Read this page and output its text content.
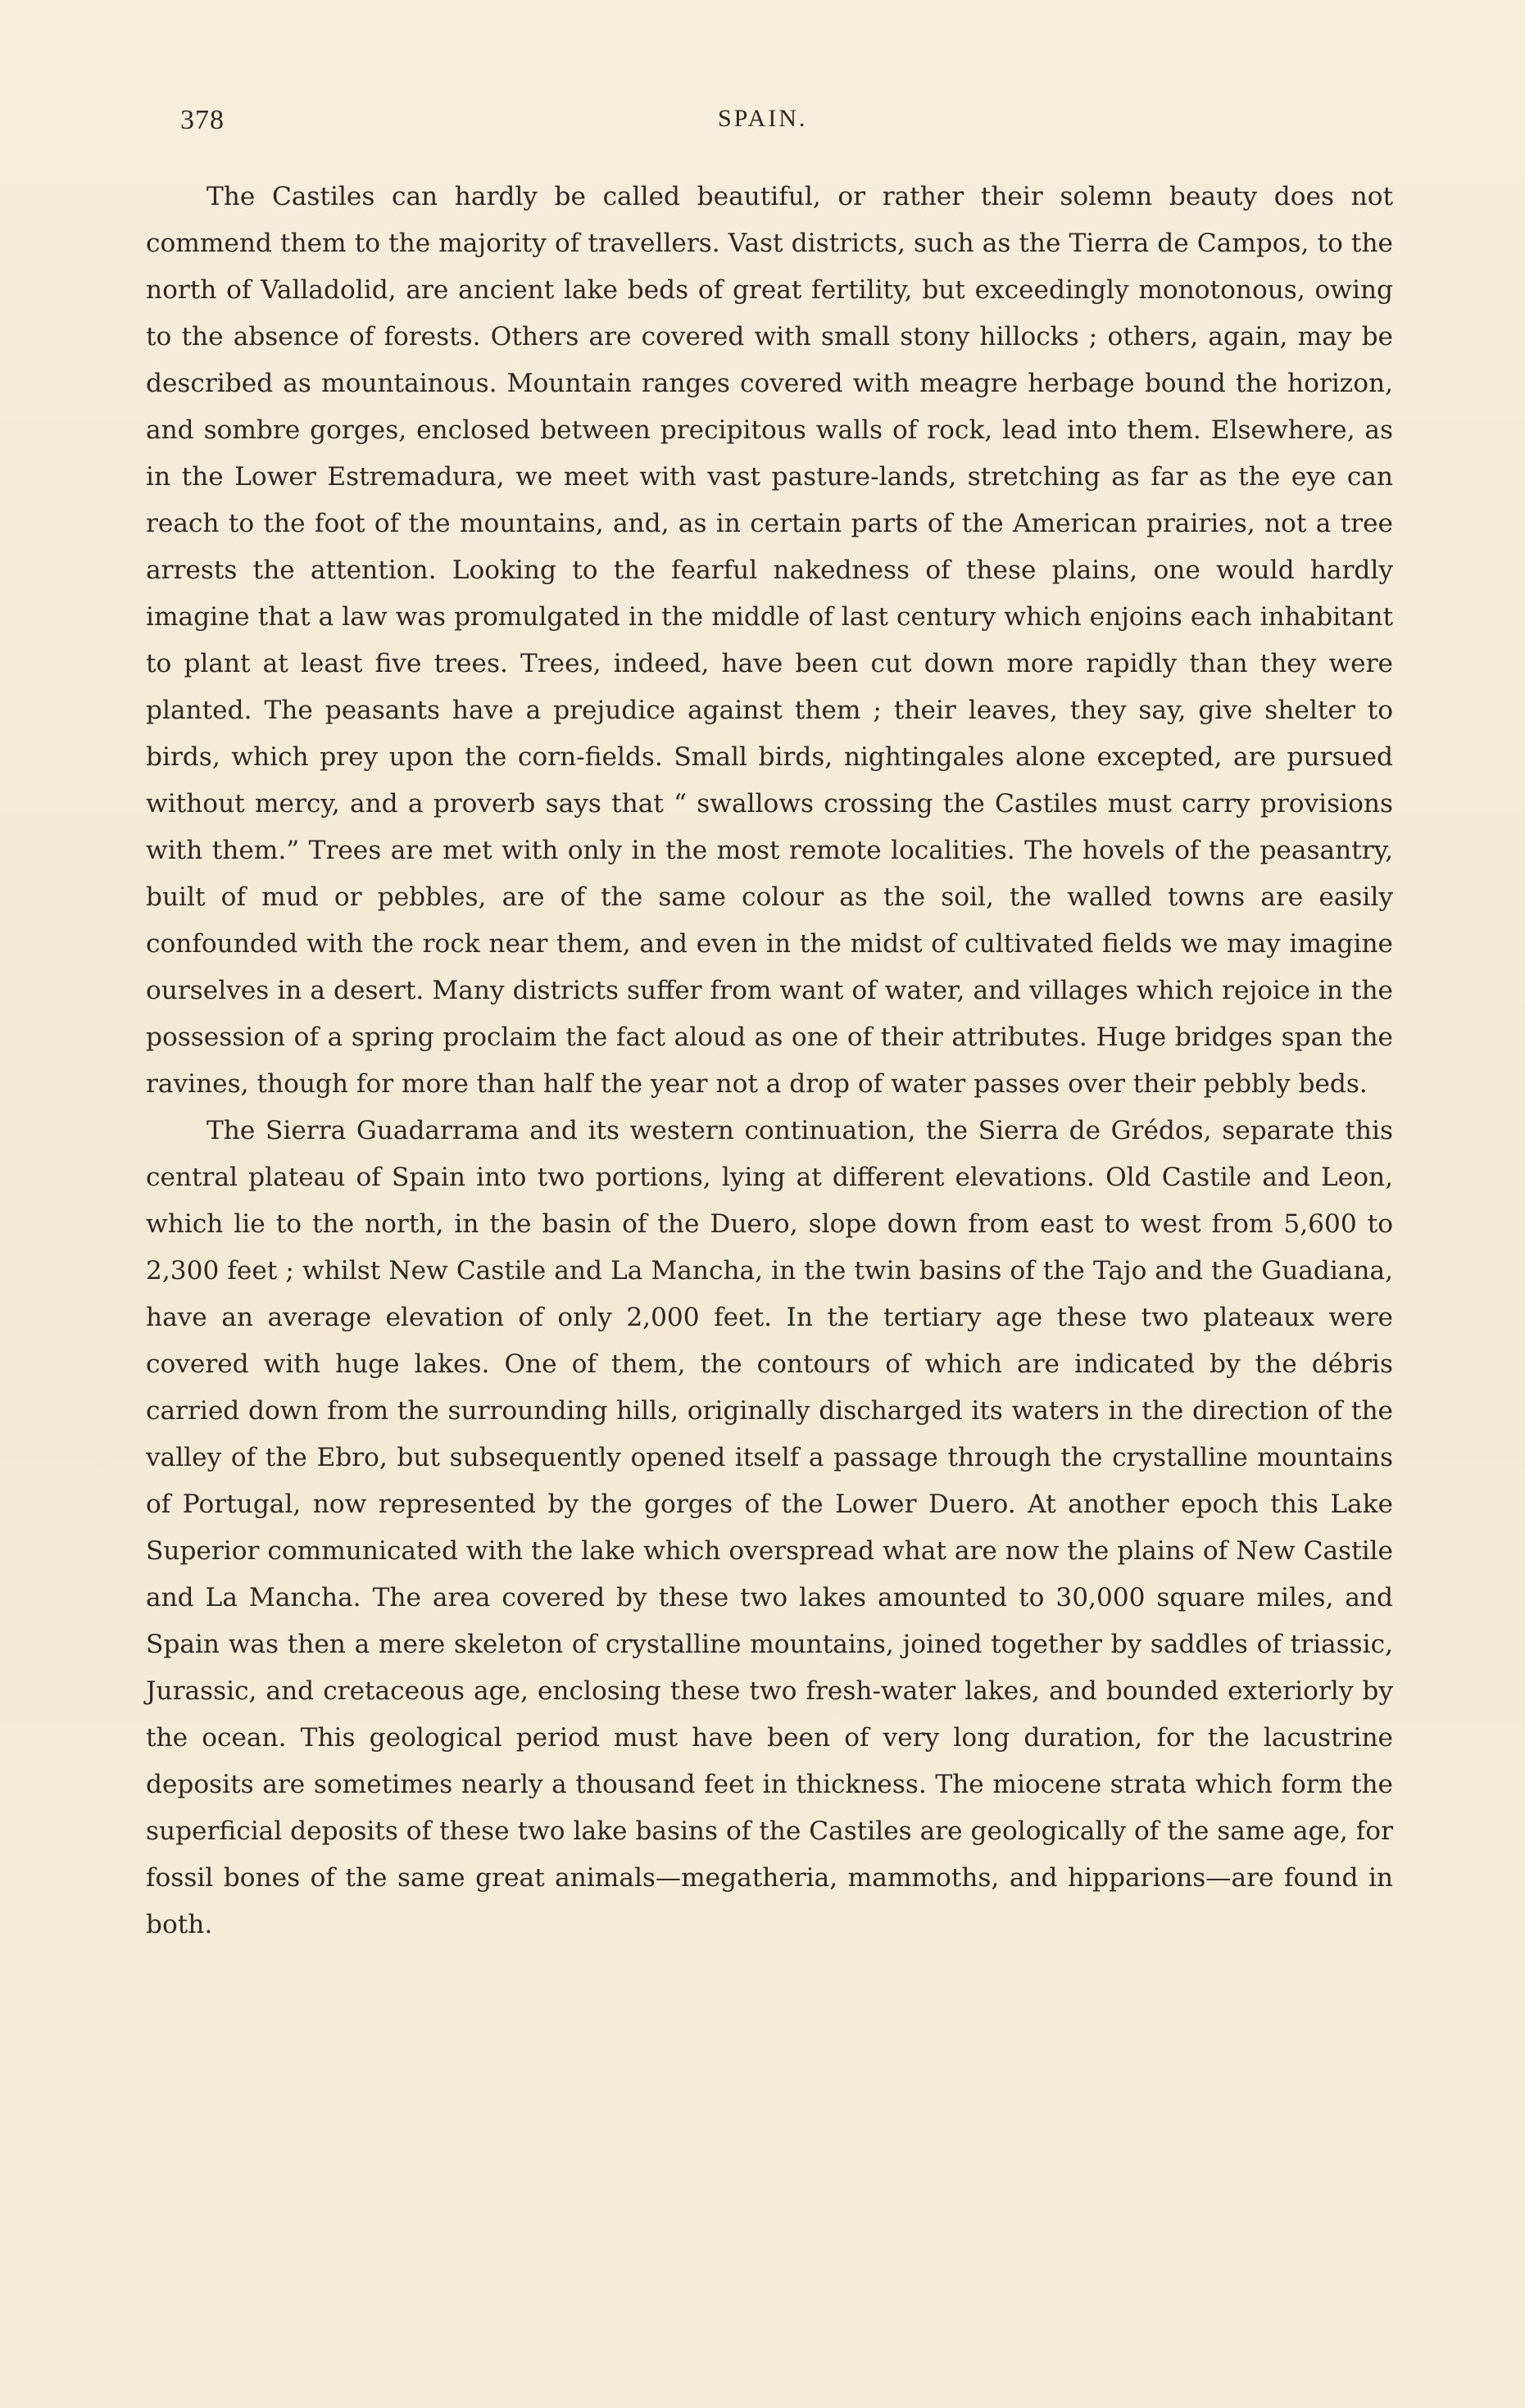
378	SPAIN.

The Castiles can hardly be called beautiful, or rather their solemn beauty does not commend them to the majority of travellers. Vast districts, such as the Tierra de Campos, to the north of Valladolid, are ancient lake beds of great fertility, but exceedingly monotonous, owing to the absence of forests. Others are covered with small stony hillocks ; others, again, may be described as mountainous. Mountain ranges covered with meagre herbage bound the horizon, and sombre gorges, enclosed between precipitous walls of rock, lead into them. Elsewhere, as in the Lower Estremadura, we meet with vast pasture-lands, stretching as far as the eye can reach to the foot of the mountains, and, as in certain parts of the American prairies, not a tree arrests the attention. Looking to the fearful nakedness of these plains, one would hardly imagine that a law was promulgated in the middle of last century which enjoins each inhabitant to plant at least five trees. Trees, indeed, have been cut down more rapidly than they were planted. The peasants have a prejudice against them ; their leaves, they say, give shelter to birds, which prey upon the corn-fields. Small birds, nightingales alone excepted, are pursued without mercy, and a proverb says that “ swallows crossing the Castiles must carry provisions with them.” Trees are met with only in the most remote localities. The hovels of the peasantry, built of mud or pebbles, are of the same colour as the soil, the walled towns are easily confounded with the rock near them, and even in the midst of cultivated fields we may imagine ourselves in a desert. Many districts suffer from want of water, and villages which rejoice in the possession of a spring proclaim the fact aloud as one of their attributes. Huge bridges span the ravines, though for more than half the year not a drop of water passes over their pebbly beds.

The Sierra Guadarrama and its western continuation, the Sierra de Grédos, separate this central plateau of Spain into two portions, lying at different elevations. Old Castile and Leon, which lie to the north, in the basin of the Duero, slope down from east to west from 5,600 to 2,300 feet ; whilst New Castile and La Mancha, in the twin basins of the Tajo and the Guadiana, have an average elevation of only 2,000 feet. In the tertiary age these two plateaux were covered with huge lakes. One of them, the contours of which are indicated by the débris carried down from the surrounding hills, originally discharged its waters in the direction of the valley of the Ebro, but subsequently opened itself a passage through the crystalline mountains of Portugal, now represented by the gorges of the Lower Duero. At another epoch this Lake Superior communicated with the lake which overspread what are now the plains of New Castile and La Mancha. The area covered by these two lakes amounted to 30,000 square miles, and Spain was then a mere skeleton of crystalline mountains, joined together by saddles of triassic, Jurassic, and cretaceous age, enclosing these two fresh-water lakes, and bounded exteriorly by the ocean. This geological period must have been of very long duration, for the lacustrine deposits are sometimes nearly a thousand feet in thickness. The miocene strata which form the superficial deposits of these two lake basins of the Castiles are geologically of the same age, for fossil bones of the same great animals—megatheria, mammoths, and hipparions—are found in both.
